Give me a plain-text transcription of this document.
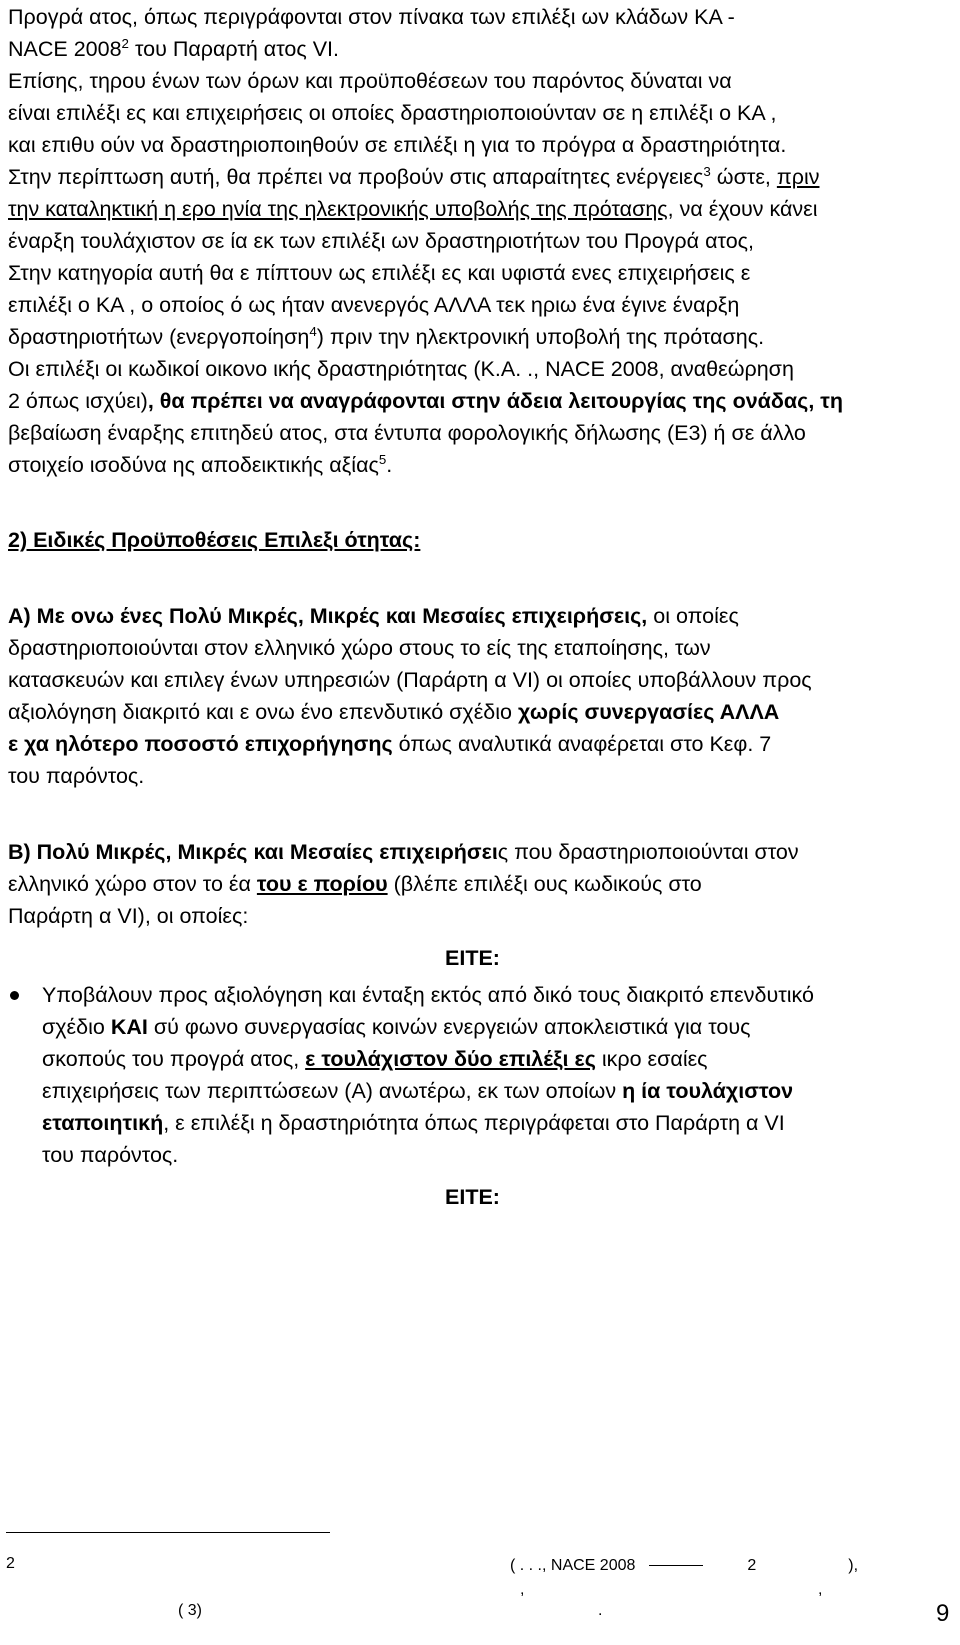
Προγρά ατος, όπως περιγράφονται στον πίνακα των επιλέξι ων κλάδων ΚΑ -
NACE 2008$^2$ του Παραρτή ατος VI.
Επίσης, τηρου ένων των όρων και προϋποθέσεων του παρόντος δύναται να
είναι επιλέξι ες και επιχειρήσεις οι οποίες δραστηριοποιούνταν σε η επιλέξι ο ΚΑ ,
και επιθυ ούν να δραστηριοποιηθούν σε επιλέξι η για το πρόγρα α δραστηριότητα.
Στην περίπτωση αυτή, θα πρέπει να προβούν στις απαραίτητες ενέργειες$^3$ ώστε, πριν
την καταληκτική η ερο ηνία της ηλεκτρονικής υποβολής της πρότασης, να έχουν κάνει
έναρξη τουλάχιστον σε ία εκ των επιλέξι ων δραστηριοτήτων του Προγρά ατος,
Στην κατηγορία αυτή θα ε πίπτουν ως επιλέξι ες και υφιστά ενες επιχειρήσεις ε
επιλέξι ο ΚΑ , ο οποίος ό ως ήταν ανενεργός ΑΛΛΑ τεκ ηριω ένα έγινε έναρξη
δραστηριοτήτων (ενεργοποίηση$^4$) πριν την ηλεκτρονική υποβολή της πρότασης.
Οι επιλέξι οι κωδικοί οικονο ικής δραστηριότητας (Κ.Α. ., NACE 2008, αναθεώρηση
2 όπως ισχύει), θα πρέπει να αναγράφονται στην άδεια λειτουργίας της ονάδας, τη
βεβαίωση έναρξης επιτηδεύ ατος, στα έντυπα φορολογικής δήλωσης (Ε3) ή σε άλλο
στοιχείο ισοδύνα ης αποδεικτικής αξίας$^5$.
2) Ειδικές Προϋποθέσεις Επιλεξι ότητας:
Α) Με ονω ένες Πολύ Μικρές, Μικρές και Μεσαίες επιχειρήσεις, οι οποίες
δραστηριοποιούνται στον ελληνικό χώρο στους το είς της εταποίησης, των
κατασκευών και επιλεγ ένων υπηρεσιών (Παράρτη α VI) οι οποίες υποβάλλουν προς
αξιολόγηση διακριτό και ε ονω ένο επενδυτικό σχέδιο χωρίς συνεργασίες ΑΛΛΑ
ε χα ηλότερο ποσοστό επιχορήγησης όπως αναλυτικά αναφέρεται στο Κεφ. 7
του παρόντος.
Β) Πολύ Μικρές, Μικρές και Μεσαίες επιχειρήσεις που δραστηριοποιούνται στον
ελληνικό χώρο στον το έα του ε πορίου (βλέπε επιλέξι ους κωδικούς στο
Παράρτη α VI), οι οποίες:
ΕΙΤΕ:
Υποβάλουν προς αξιολόγηση και ένταξη εκτός από δικό τους διακριτό επενδυτικό
σχέδιο ΚΑΙ σύ φωνο συνεργασίας κοινών ενεργειών αποκλειστικά για τους
σκοπούς του προγρά ατος, ε τουλάχιστον δύο επιλέξι ες ικρο εσαίες
επιχειρήσεις των περιπτώσεων (Α) ανωτέρω, εκ των οποίων η ία τουλάχιστον
εταποιητική, ε επιλέξι η δραστηριότητα όπως περιγράφεται στο Παράρτη α VI
του παρόντος.
ΕΙΤΕ:
2	( . . ., NACE 2008	2	),
,	,
( 3)	.	9
